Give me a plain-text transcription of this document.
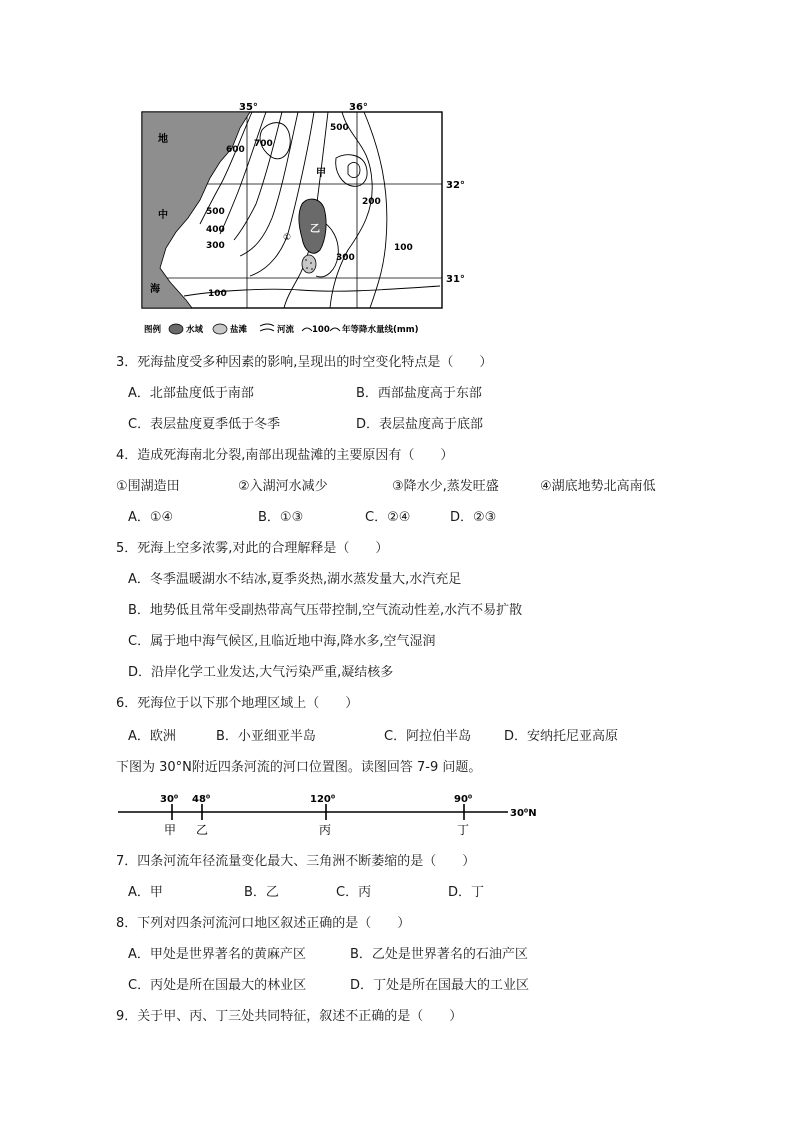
35°	36°
32°
31°
地
中
海
600
700
500
500
400
300
200
100
300
100
甲
乙
①
图例	水域	盐滩	河流 100 年等降水量线(mm)
3．死海盐度受多种因素的影响,呈现出的时空变化特点是（　　）
A．北部盐度低于南部	B．西部盐度高于东部
C．表层盐度夏季低于冬季	D．表层盐度高于底部
4．造成死海南北分裂,南部出现盐滩的主要原因有（　　）
①围湖造田	②入湖河水减少	③降水少,蒸发旺盛	④湖底地势北高南低
A．①④	B．①③	C．②④	D．②③
5．死海上空多浓雾,对此的合理解释是（　　）
A．冬季温暖湖水不结冰,夏季炎热,湖水蒸发量大,水汽充足
B．地势低且常年受副热带高气压带控制,空气流动性差,水汽不易扩散
C．属于地中海气候区,且临近地中海,降水多,空气湿润
D．沿岸化学工业发达,大气污染严重,凝结核多
6．死海位于以下那个地理区域上（　　）
A．欧洲	B．小亚细亚半岛	C．阿拉伯半岛	D．安纳托尼亚高原
下图为 30°N附近四条河流的河口位置图。读图回答 7-9 问题。
30⁰ 48⁰	120⁰	90⁰
30⁰N
甲 乙	丙	丁
7．四条河流年径流量变化最大、三角洲不断萎缩的是（　　）
A．甲	B．乙	C．丙	D．丁
8．下列对四条河流河口地区叙述正确的是（　　）
A．甲处是世界著名的黄麻产区	B．乙处是世界著名的石油产区
C．丙处是所在国最大的林业区	D．丁处是所在国最大的工业区
9．关于甲、丙、丁三处共同特征，叙述不正确的是（　　）
